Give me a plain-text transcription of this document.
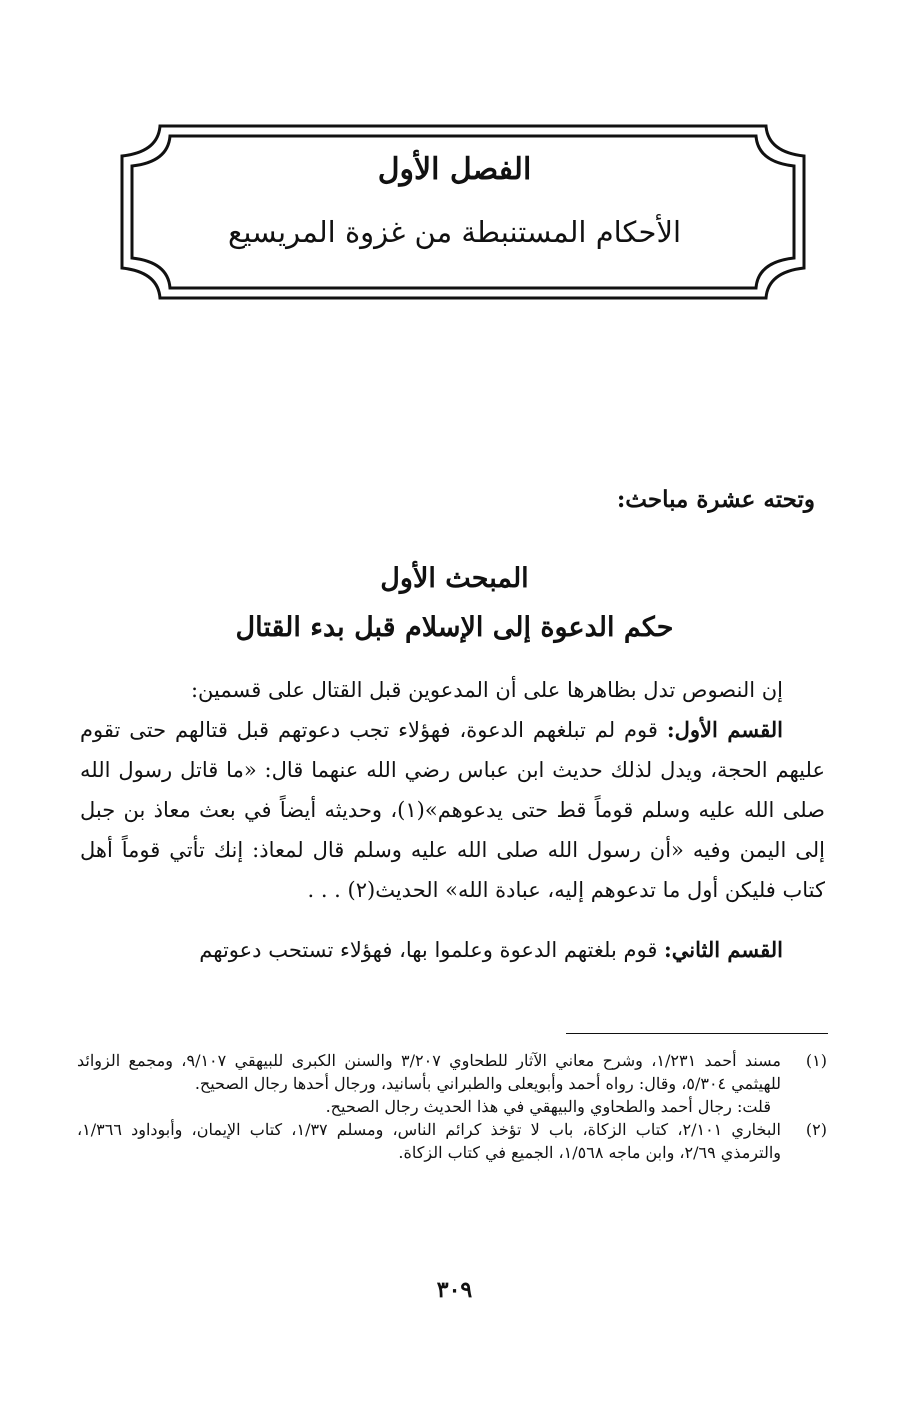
الفصل الأول
الأحكام المستنبطة من غزوة المريسيع
وتحته عشرة مباحث:
المبحث الأول
حكم الدعوة إلى الإسلام قبل بدء القتال

إن النصوص تدل بظاهرها على أن المدعوين قبل القتال على قسمين:

القسم الأول: قوم لم تبلغهم الدعوة، فهؤلاء تجب دعوتهم قبل قتالهم حتى تقوم عليهم الحجة، ويدل لذلك حديث ابن عباس رضي الله عنهما قال: «ما قاتل رسول الله صلى الله عليه وسلم قوماً قط حتى يدعوهم»(١)، وحديثه أيضاً في بعث معاذ بن جبل إلى اليمن وفيه «أن رسول الله صلى الله عليه وسلم قال لمعاذ: إنك تأتي قوماً أهل كتاب فليكن أول ما تدعوهم إليه، عبادة الله» الحديث(٢) . . .

القسم الثاني: قوم بلغتهم الدعوة وعلموا بها، فهؤلاء تستحب دعوتهم

(١)
مسند أحمد ١/٢٣١، وشرح معاني الآثار للطحاوي ٣/٢٠٧ والسنن الكبرى للبيهقي ٩/١٠٧، ومجمع الزوائد للهيثمي ٥/٣٠٤، وقال: رواه أحمد وأبويعلى والطبراني بأسانيد، ورجال أحدها رجال الصحيح.
قلت: رجال أحمد والطحاوي والبيهقي في هذا الحديث رجال الصحيح.
(٢)
البخاري ٢/١٠١، كتاب الزكاة، باب لا تؤخذ كرائم الناس، ومسلم ١/٣٧، كتاب الإيمان، وأبوداود ١/٣٦٦، والترمذي ٢/٦٩، وابن ماجه ١/٥٦٨، الجميع في كتاب الزكاة.
٣٠٩
